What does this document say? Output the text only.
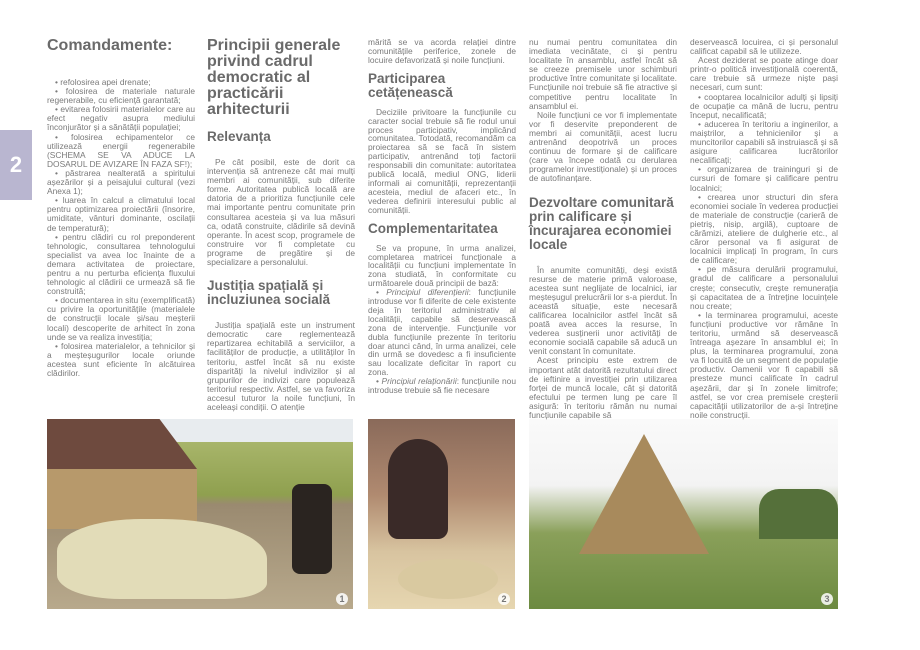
2
Comandamente:

• refolosirea apei drenate;

• folosirea de materiale naturale regenerabile, cu eficiență garantată;

• evitarea folosirii materialelor care au efect negativ asupra mediului înconjurător și a sănătății populației;

• folosirea echipamentelor ce utilizează energii regenerabile (SCHEMA SE VA ADUCE LA DOSARUL DE AVIZARE ÎN FAZA SF!);

• păstrarea nealterată a spiritului așezărilor și a peisajului cultural (vezi Anexa 1);

• luarea în calcul a climatului local pentru optimizarea proiectării (însorire, umiditate, vânturi dominante, oscilații de temperatură);

• pentru clădiri cu rol preponderent tehnologic, consultarea tehnologului specialist va avea loc înainte de a demara activitatea de proiectare, pentru a nu perturba eficiența fluxului tehnologic al clădirii ce urmează să fie construită;

• documentarea in situ (exemplificată) cu privire la oportunitățile (materialele de construcții locale și/sau meșterii locali) descoperite de arhitect în zona unde se va realiza investiția;

• folosirea materialelor, a tehnicilor și a meșteșugurilor locale oriunde acestea sunt eficiente în alcătuirea clădirilor.

Principii generale privind cadrul democratic al practicării arhitecturii
Relevanța

Pe cât posibil, este de dorit ca intervenția să antreneze cât mai mulți membri ai comunității, sub diferite forme. Autoritatea publică locală are datoria de a prioritiza funcțiunile cele mai importante pentru comunitate prin consultarea acesteia și va lua măsuri ca, odată construite, clădirile să devină operante. În acest scop, programele de construire vor fi completate cu programe de pregătire și de specializare a personalului.

Justiția spațială și incluziunea socială

Justiția spațială este un instrument democratic care reglementează repartizarea echitabilă a serviciilor, a facilităților de producție, a utilităților în teritoriu, astfel încât să nu existe disparități la nivelul indivizilor și al grupurilor de indivizi care populează teritoriul respectiv. Astfel, se va favoriza accesul tuturor la noile funcțiuni, în aceleași condiții. O atenție

mărită se va acorda relației dintre comunitățile periferice, zonele de locuire defavorizată și noile funcțiuni.

Participarea cetățenească

Deciziile privitoare la funcțiunile cu caracter social trebuie să fie rodul unui proces participativ, implicând comunitatea. Totodată, recomandăm ca proiectarea să se facă în sistem participativ, antrenând toți factorii responsabili din comunitate: autoritatea publică locală, mediul ONG, liderii informali ai comunității, reprezentanții acesteia, mediul de afaceri etc., în vederea definirii interesului public al comunității.

Complementaritatea

Se va propune, în urma analizei, completarea matricei funcționale a localității cu funcțiuni implementate în zona studiată, în conformitate cu următoarele două principii de bază:

• Principiul diferențierii: funcțiunile introduse vor fi diferite de cele existente deja în teritoriul administrativ al localității, capabile să deservească zona de intervenție. Funcțiunile vor dubla funcțiunile prezente în teritoriu doar atunci când, în urma analizei, cele din urmă se dovedesc a fi insuficiente sau localizate deficitar în raport cu zona.

• Principiul relaționării: funcțiunile nou introduse trebuie să fie necesare

nu numai pentru comunitatea din imediata vecinătate, ci și pentru localitate în ansamblu, astfel încât să se creeze premisele unor schimburi productive între comunitate și localitate. Funcțiunile noi trebuie să fie atractive și competitive pentru localitate în ansamblul ei.

Noile funcțiuni ce vor fi implementate vor fi deservite preponderent de membri ai comunității, acest lucru antrenând deopotrivă un proces continuu de formare și de calificare (care va începe odată cu derularea programelor investiționale) și un proces de autofinanțare.

Dezvoltare comunitară prin calificare și încurajarea economiei locale

În anumite comunități, deși există resurse de materie primă valoroase, acestea sunt neglijate de localnici, iar meșteșugul prelucrării lor s-a pierdut. În această situație, este necesară calificarea localnicilor astfel încât să poată avea acces la resurse, în vederea susținerii unor activități de economie socială capabile să aducă un venit constant în comunitate.

Acest principiu este extrem de important atât datorită rezultatului direct de ieftinire a investiției prin utilizarea forței de muncă locale, cât și datorită efectului pe termen lung pe care îl asigură: în teritoriu rămân nu numai funcțiunile capabile să

deservească locuirea, ci și personalul calificat capabil să le utilizeze.

Acest deziderat se poate atinge doar printr-o politică investițională coerentă, care trebuie să urmeze niște pași necesari, cum sunt:

• cooptarea localnicilor adulți și lipsiți de ocupație ca mână de lucru, pentru început, necalificată;

• aducerea în teritoriu a inginerilor, a maiștrilor, a tehnicienilor și a muncitorilor capabili să instruiască și să asigure calificarea lucrătorilor necalificați;

• organizarea de traininguri și de cursuri de fomare și calificare pentru localnici;

• crearea unor structuri din sfera economiei sociale în vederea producției de materiale de construcție (carieră de pietriș, nisip, argilă), cuptoare de cărămizi, ateliere de dulgherie etc., al căror personal va fi asigurat de localnicii implicați în program, în curs de calificare;

• pe măsura derulării programului, gradul de calificare a personalului crește; consecutiv, crește remunerația și capacitatea de a întreține locuințele nou create;

• la terminarea programului, aceste funcțiuni productive vor rămâne în teritoriu, urmând să deservească întreaga așezare în ansamblul ei; în plus, la terminarea programului, zona va fi locuită de un segment de populație productiv. Oamenii vor fi capabili să presteze munci calificate în cadrul așezării, dar și în zonele limitrofe; astfel, se vor crea premisele creșterii capacității utilizatorilor de a-și întreține noile construcții.

1	2	3
